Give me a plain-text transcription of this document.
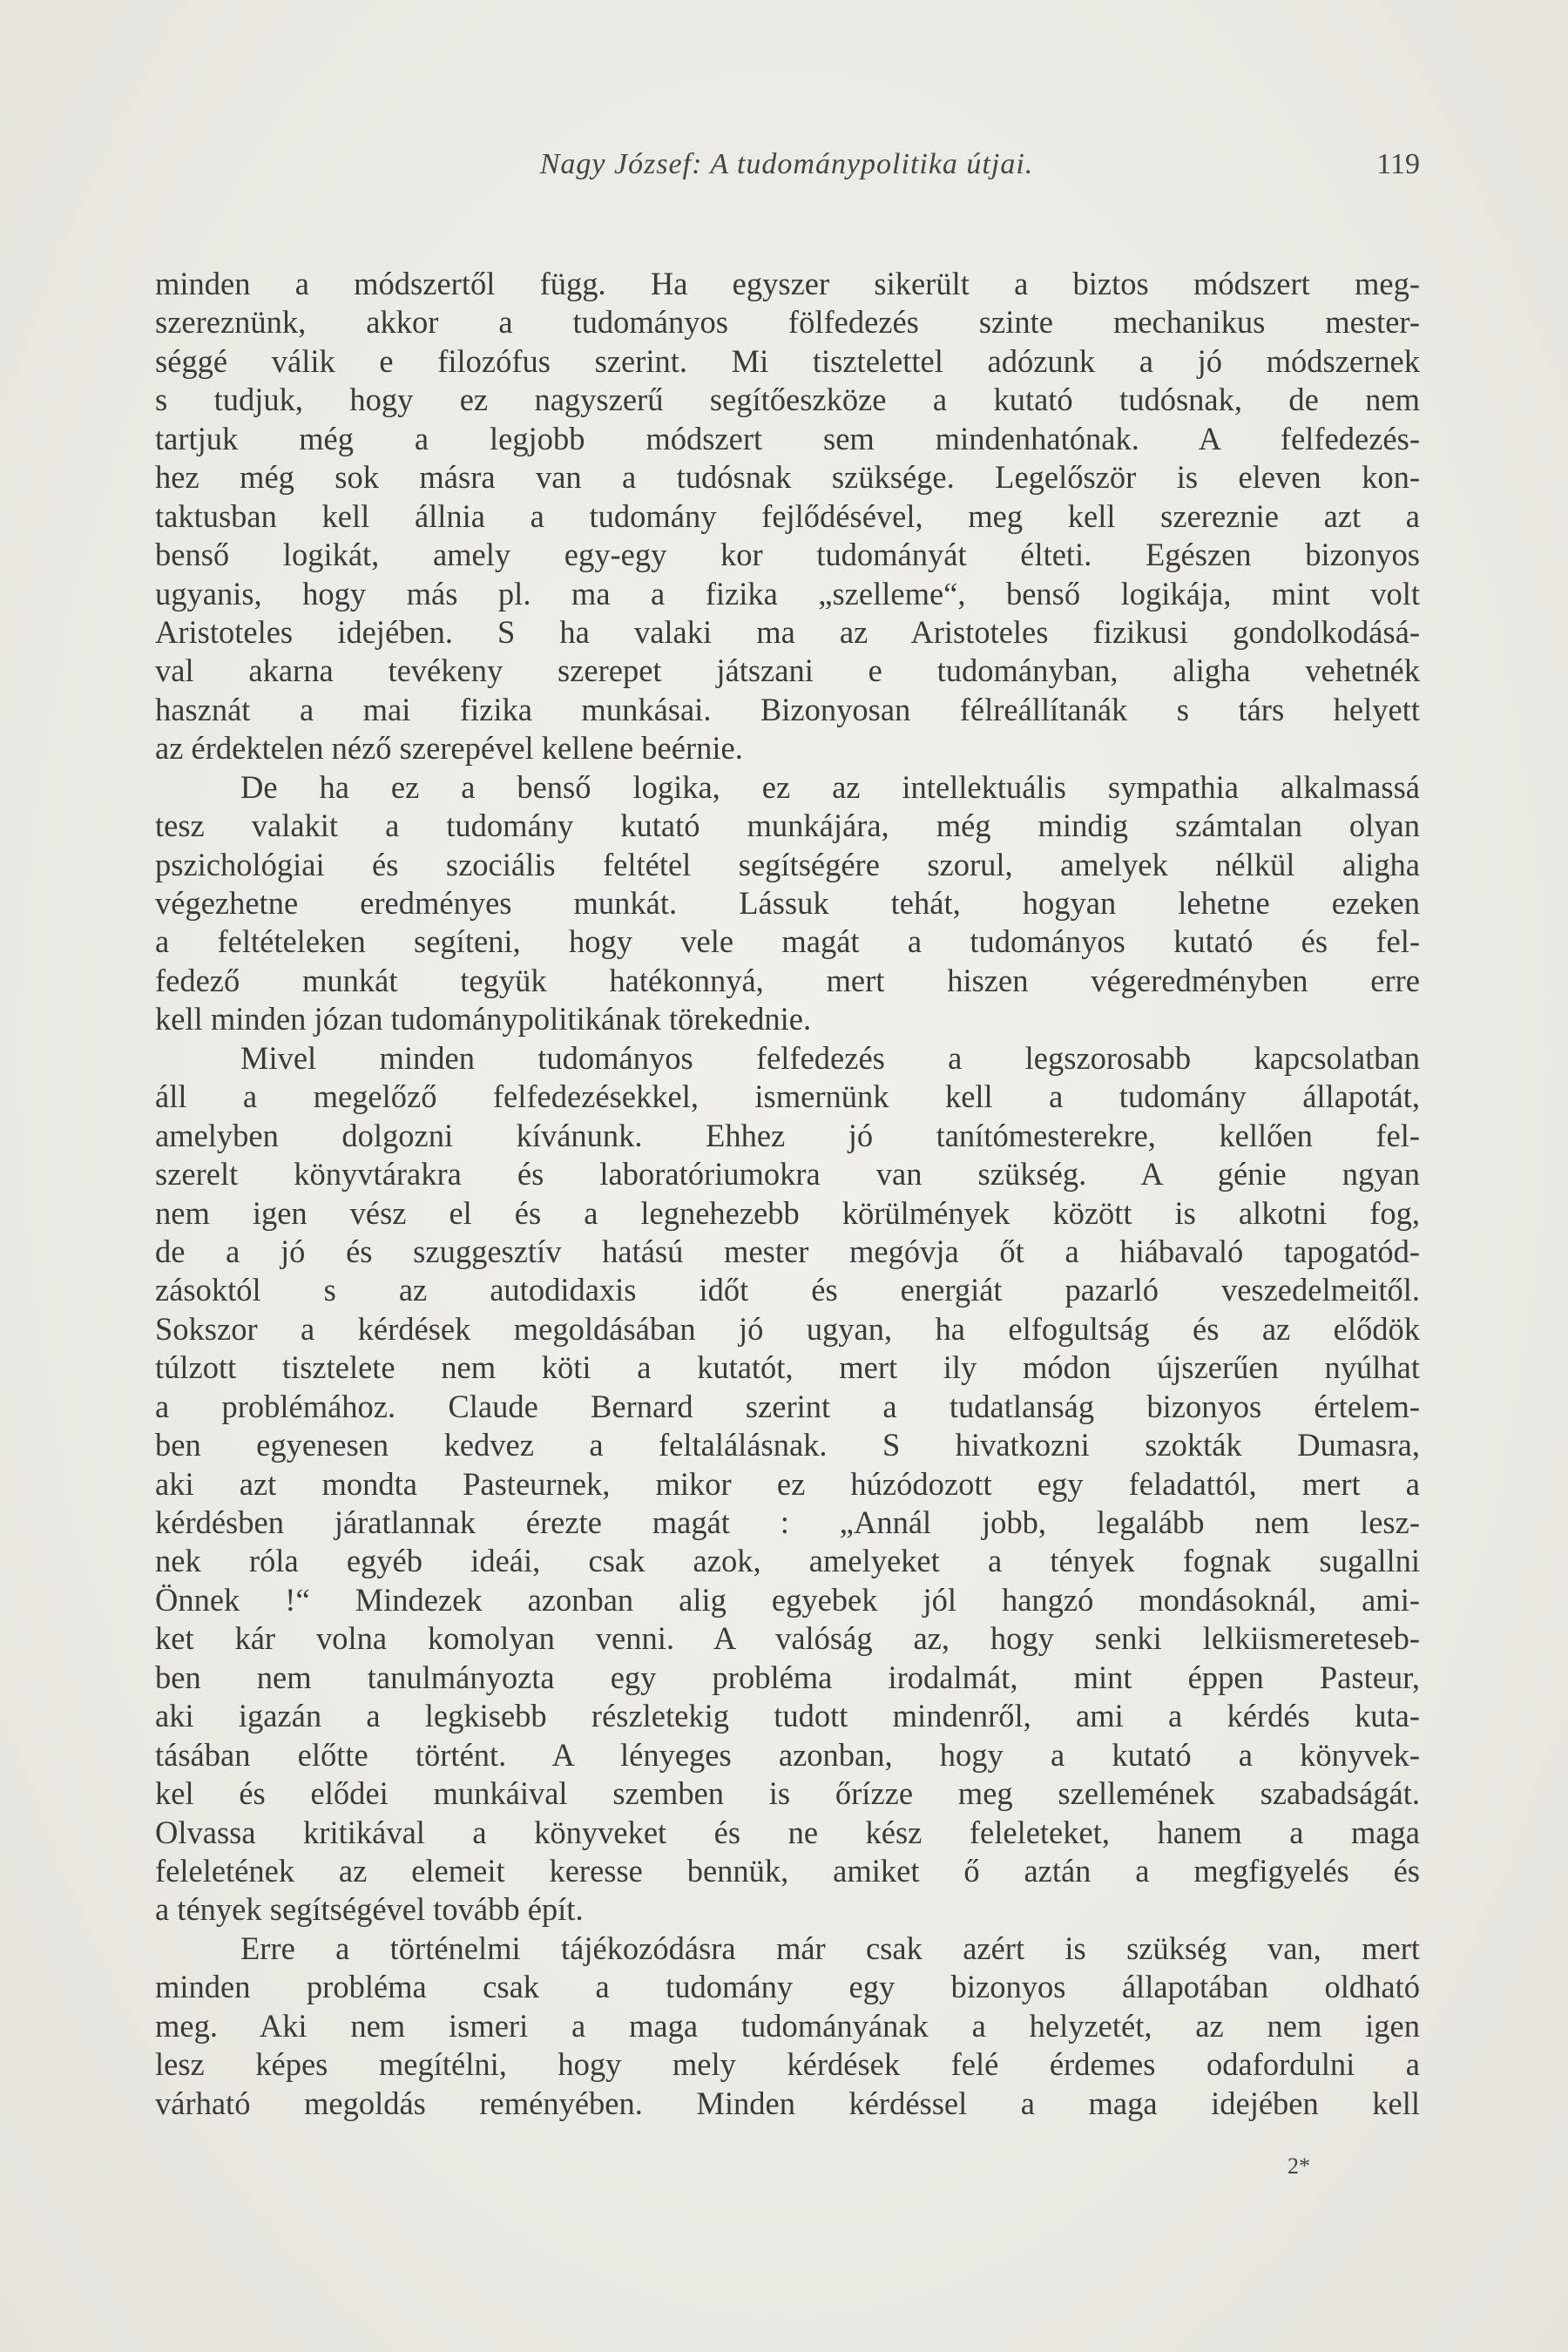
Nagy József: A tudománypolitika útjai.	119
minden a módszertől függ. Ha egyszer sikerült a biztos módszert meg-
szereznünk, akkor a tudományos fölfedezés szinte mechanikus mester-
séggé válik e filozófus szerint. Mi tisztelettel adózunk a jó módszernek
s tudjuk, hogy ez nagyszerű segítőeszköze a kutató tudósnak, de nem
tartjuk még a legjobb módszert sem mindenhatónak. A felfedezés-
hez még sok másra van a tudósnak szüksége. Legelőször is eleven kon-
taktusban kell állnia a tudomány fejlődésével, meg kell szereznie azt a
benső logikát, amely egy-egy kor tudományát élteti. Egészen bizonyos
ugyanis, hogy más pl. ma a fizika „szelleme“, benső logikája, mint volt
Aristoteles idejében. S ha valaki ma az Aristoteles fizikusi gondolkodásá-
val akarna tevékeny szerepet játszani e tudományban, aligha vehetnék
hasznát a mai fizika munkásai. Bizonyosan félreállítanák s társ helyett
az érdektelen néző szerepével kellene beérnie.
De ha ez a benső logika, ez az intellektuális sympathia alkalmassá
tesz valakit a tudomány kutató munkájára, még mindig számtalan olyan
pszichológiai és szociális feltétel segítségére szorul, amelyek nélkül aligha
végezhetne eredményes munkát. Lássuk tehát, hogyan lehetne ezeken
a feltételeken segíteni, hogy vele magát a tudományos kutató és fel-
fedező munkát tegyük hatékonnyá, mert hiszen végeredményben erre
kell minden józan tudománypolitikának törekednie.
Mivel minden tudományos felfedezés a legszorosabb kapcsolatban
áll a megelőző felfedezésekkel, ismernünk kell a tudomány állapotát,
amelyben dolgozni kívánunk. Ehhez jó tanítómesterekre, kellően fel-
szerelt könyvtárakra és laboratóriumokra van szükség. A génie ngyan
nem igen vész el és a legnehezebb körülmények között is alkotni fog,
de a jó és szuggesztív hatású mester megóvja őt a hiábavaló tapogatód-
zásoktól s az autodidaxis időt és energiát pazarló veszedelmeitől.
Sokszor a kérdések megoldásában jó ugyan, ha elfogultság és az elődök
túlzott tisztelete nem köti a kutatót, mert ily módon újszerűen nyúlhat
a problémához. Claude Bernard szerint a tudatlanság bizonyos értelem-
ben egyenesen kedvez a feltalálásnak. S hivatkozni szokták Dumasra,
aki azt mondta Pasteurnek, mikor ez húzódozott egy feladattól, mert a
kérdésben járatlannak érezte magát : „Annál jobb, legalább nem lesz-
nek róla egyéb ideái, csak azok, amelyeket a tények fognak sugallni
Önnek !“ Mindezek azonban alig egyebek jól hangzó mondásoknál, ami-
ket kár volna komolyan venni. A valóság az, hogy senki lelkiismereteseb-
ben nem tanulmányozta egy probléma irodalmát, mint éppen Pasteur,
aki igazán a legkisebb részletekig tudott mindenről, ami a kérdés kuta-
tásában előtte történt. A lényeges azonban, hogy a kutató a könyvek-
kel és elődei munkáival szemben is őrízze meg szellemének szabadságát.
Olvassa kritikával a könyveket és ne kész feleleteket, hanem a maga
feleletének az elemeit keresse bennük, amiket ő aztán a megfigyelés és
a tények segítségével tovább épít.
Erre a történelmi tájékozódásra már csak azért is szükség van, mert
minden probléma csak a tudomány egy bizonyos állapotában oldható
meg. Aki nem ismeri a maga tudományának a helyzetét, az nem igen
lesz képes megítélni, hogy mely kérdések felé érdemes odafordulni a
várható megoldás reményében. Minden kérdéssel a maga idejében kell
2*
